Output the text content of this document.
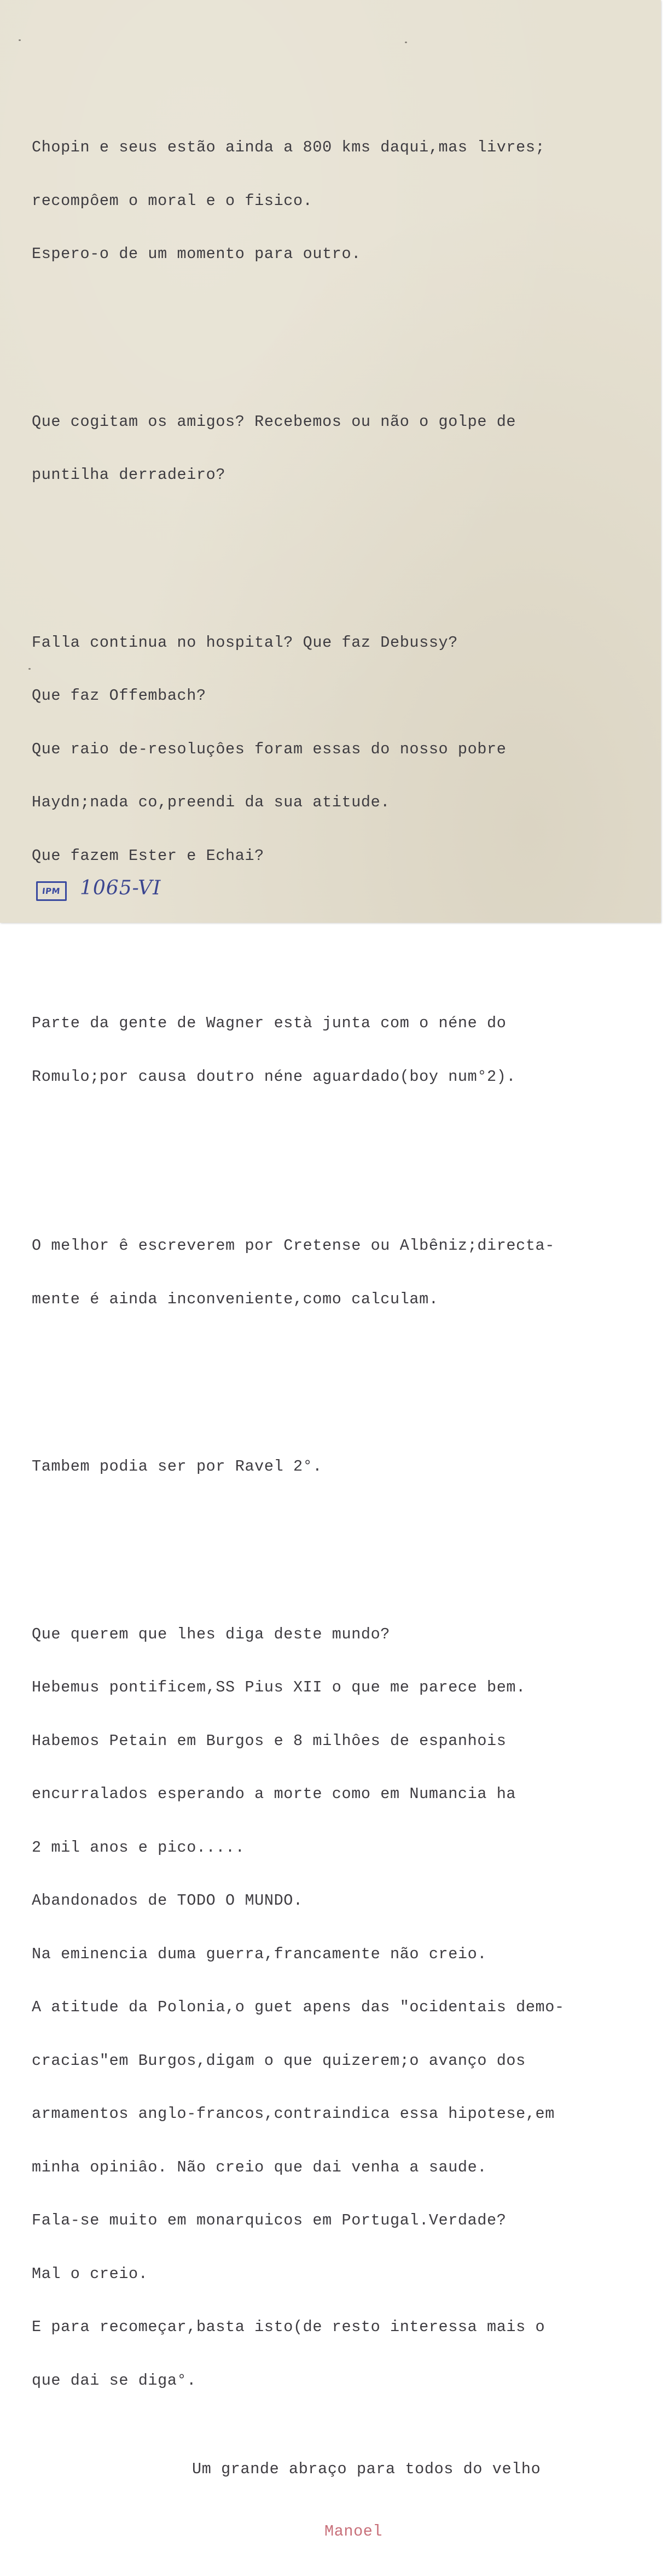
Chopin e seus estão ainda a 800 kms daqui,mas livres;

recompôem o moral e o fisico.

Espero-o de um momento para outro.

Que cogitam os amigos? Recebemos ou não o golpe de

puntilha derradeiro?

Falla continua no hospital? Que faz Debussy?

Que faz Offembach?

Que raio de-resoluçôes foram essas do nosso pobre

Haydn;nada co,preendi da sua atitude.

Que fazem Ester e Echai?

Parte da gente de Wagner està junta com o néne do

Romulo;por causa doutro néne aguardado(boy num°2).

O melhor ê escreverem por Cretense ou Albêniz;directa-

mente é ainda inconveniente,como calculam.

Tambem podia ser por Ravel 2°.

Que querem que lhes diga deste mundo?

Hebemus pontificem,SS Pius XII o que me parece bem.

Habemos Petain em Burgos e 8 milhôes de espanhois

encurralados esperando a morte como em Numancia ha

2 mil anos e pico.....

Abandonados de TODO O MUNDO.

Na eminencia duma guerra,francamente não creio.

A atitude da Polonia,o guet apens das "ocidentais demo-

cracias"em Burgos,digam o que quizerem;o avanço dos

armamentos anglo-francos,contraindica essa hipotese,em

minha opiniâo. Não creio que dai venha a saude.

Fala-se muito em monarquicos em Portugal.Verdade?

Mal o creio.

E para recomeçar,basta isto(de resto interessa mais o

que dai se diga°.

Um grande abraço para todos do velho

Manoel

IPM 1065-VI
